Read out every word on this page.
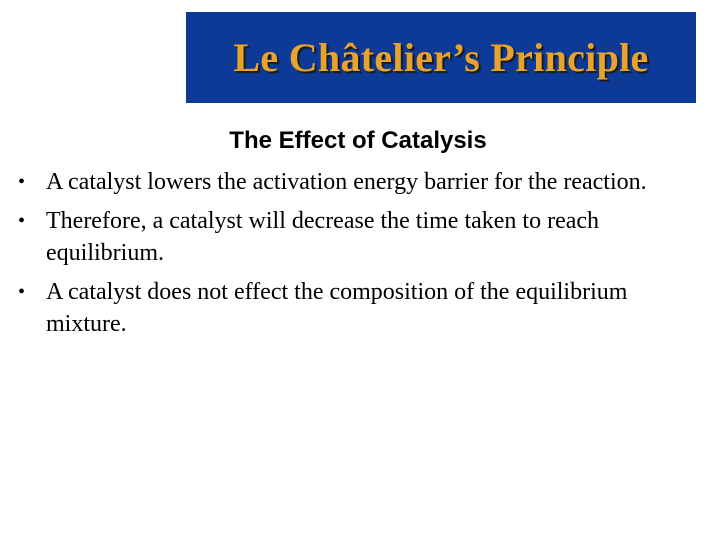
Le Châtelier’s Principle
The Effect of Catalysis
• A catalyst lowers the activation energy barrier for the reaction.
• Therefore, a catalyst will decrease the time taken to reach equilibrium.
• A catalyst does not effect the composition of the equilibrium mixture.
